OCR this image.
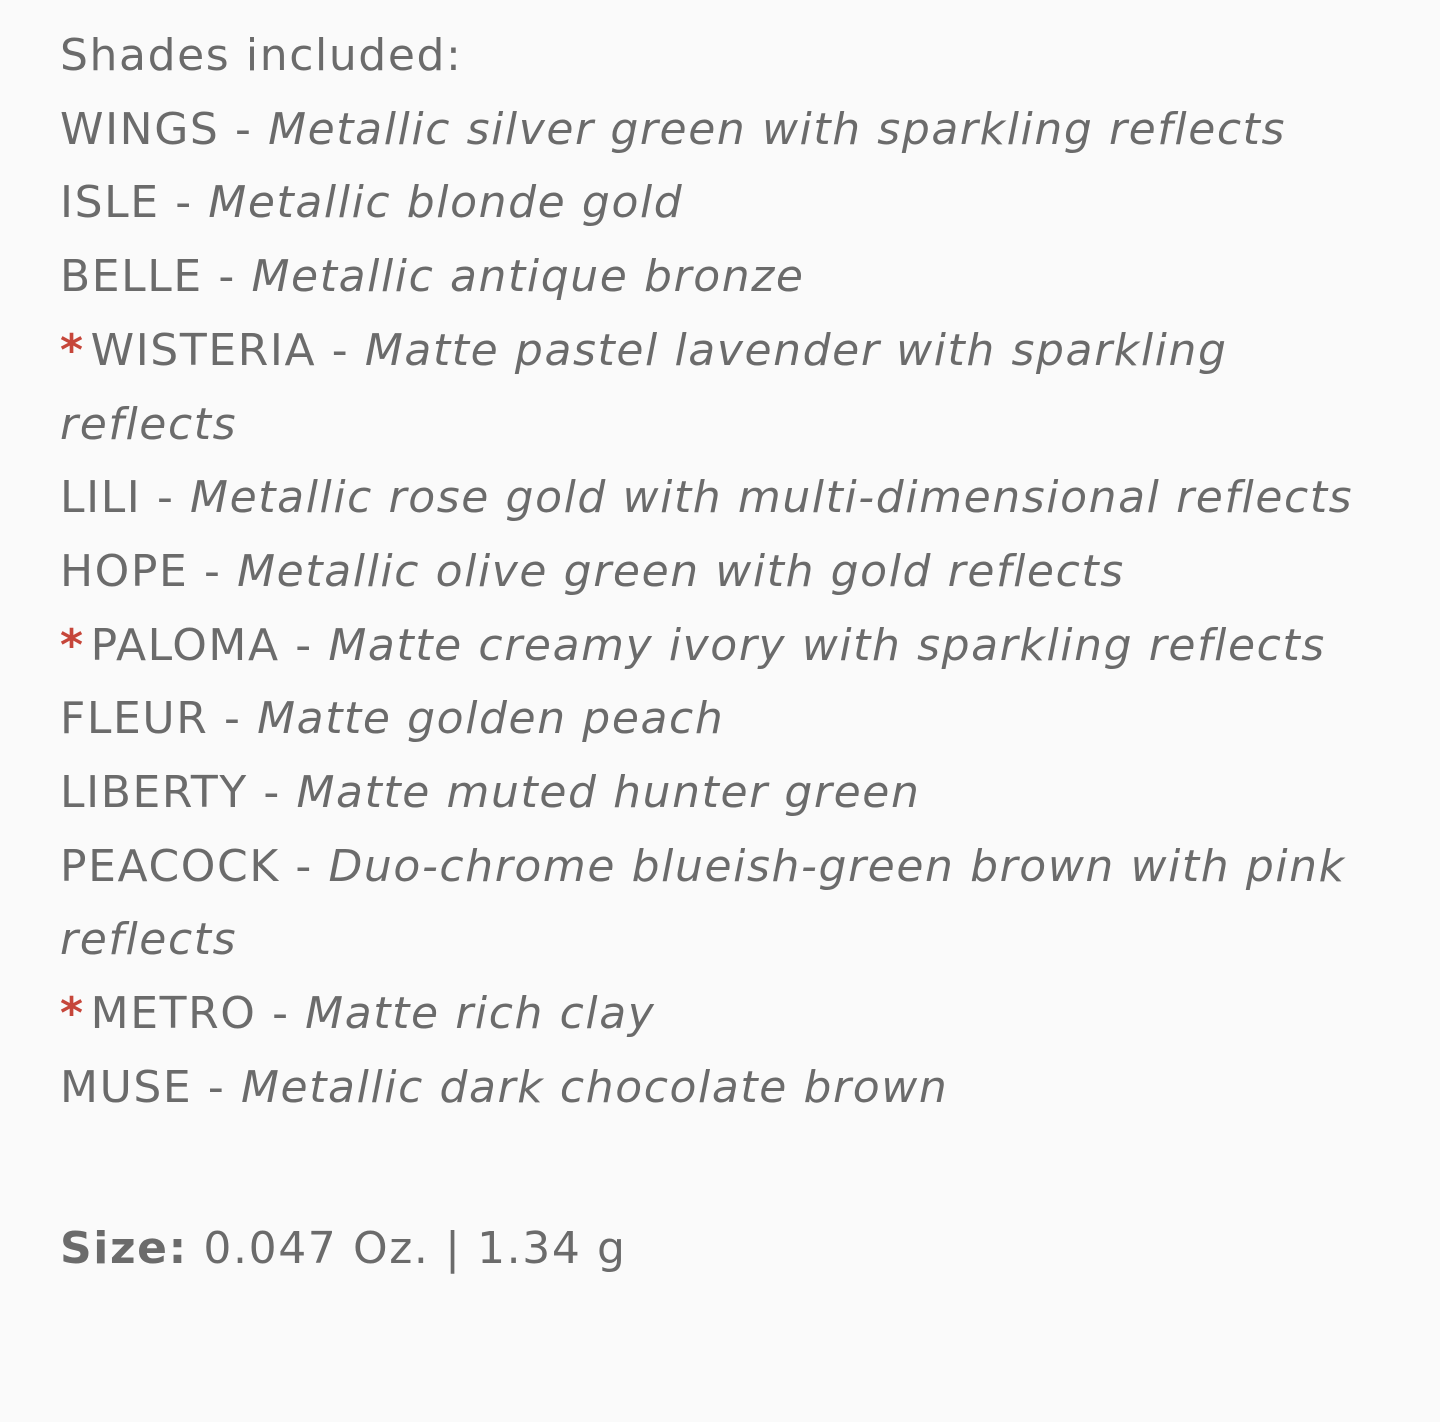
Shades included:
WINGS - Metallic silver green with sparkling reflects
ISLE - Metallic blonde gold
BELLE - Metallic antique bronze
* WISTERIA - Matte pastel lavender with sparkling reflects
LILI - Metallic rose gold with multi-dimensional reflects
HOPE - Metallic olive green with gold reflects
* PALOMA - Matte creamy ivory with sparkling reflects
FLEUR - Matte golden peach
LIBERTY - Matte muted hunter green
PEACOCK - Duo-chrome blueish-green brown with pink reflects
* METRO - Matte rich clay
MUSE - Metallic dark chocolate brown
Size: 0.047 Oz. | 1.34 g
